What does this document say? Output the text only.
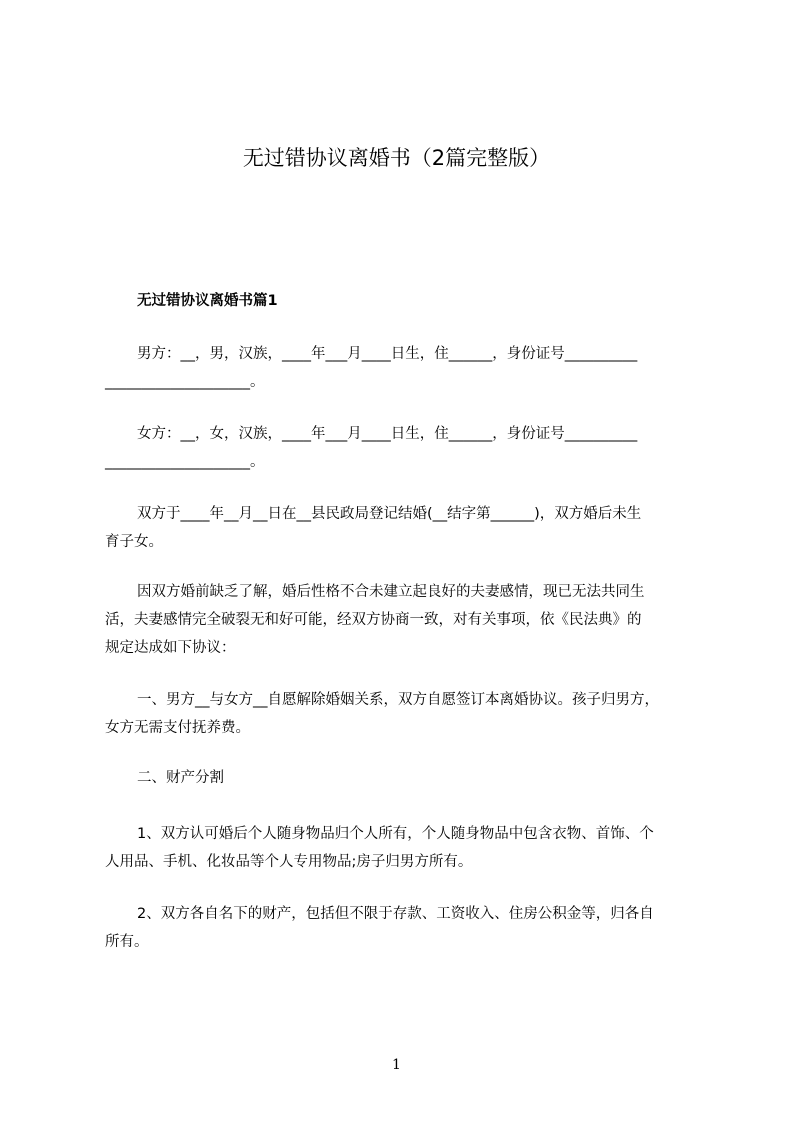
无过错协议离婚书（2篇完整版）
无过错协议离婚书篇1
男方：__，男，汉族，____年___月____日生，住______，身份证号__________
____________________。
女方：__，女，汉族，____年___月____日生，住______，身份证号__________
____________________。
双方于____年__月__日在__县民政局登记结婚(__结字第______)，双方婚后未生
育子女。
因双方婚前缺乏了解，婚后性格不合未建立起良好的夫妻感情，现已无法共同生
活，夫妻感情完全破裂无和好可能，经双方协商一致，对有关事项，依《民法典》的
规定达成如下协议：
一、男方__与女方__自愿解除婚姻关系，双方自愿签订本离婚协议。孩子归男方，
女方无需支付抚养费。
二、财产分割
1、双方认可婚后个人随身物品归个人所有，个人随身物品中包含衣物、首饰、个
人用品、手机、化妆品等个人专用物品;房子归男方所有。
2、双方各自名下的财产，包括但不限于存款、工资收入、住房公积金等，归各自
所有。
1
